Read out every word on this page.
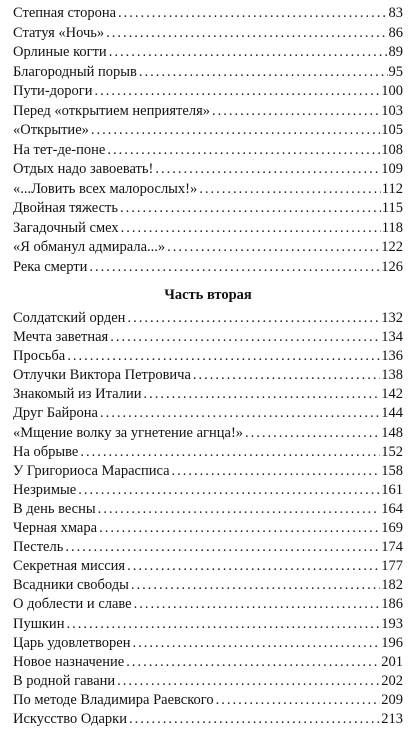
Степная сторона .....	83
Статуя «Ночь» .....	86
Орлиные когти .....	89
Благородный порыв .....	95
Пути-дороги .....	100
Перед «открытием неприятеля» .....	103
«Открытие» .....	105
На тет-де-поне .....	108
Отдых надо завоевать! .....	109
«...Ловить всех малорослых!» .....	112
Двойная тяжесть .....	115
Загадочный смех .....	118
«Я обманул адмирала...» .....	122
Река смерти .....	126
Часть вторая
Солдатский орден .....	132
Мечта заветная .....	134
Просьба .....	136
Отлучки Виктора Петровича .....	138
Знакомый из Италии .....	142
Друг Байрона .....	144
«Мщение волку за угнетение агнца!» .....	148
На обрыве .....	152
У Григориоса Марасписа .....	158
Незримые .....	161
В день весны .....	164
Черная хмара .....	169
Пестель .....	174
Секретная миссия .....	177
Всадники свободы .....	182
О доблести и славе .....	186
Пушкин .....	193
Царь удовлетворен .....	196
Новое назначение .....	201
В родной гавани .....	202
По методе Владимира Раевского .....	209
Искусство Одарки .....	213
